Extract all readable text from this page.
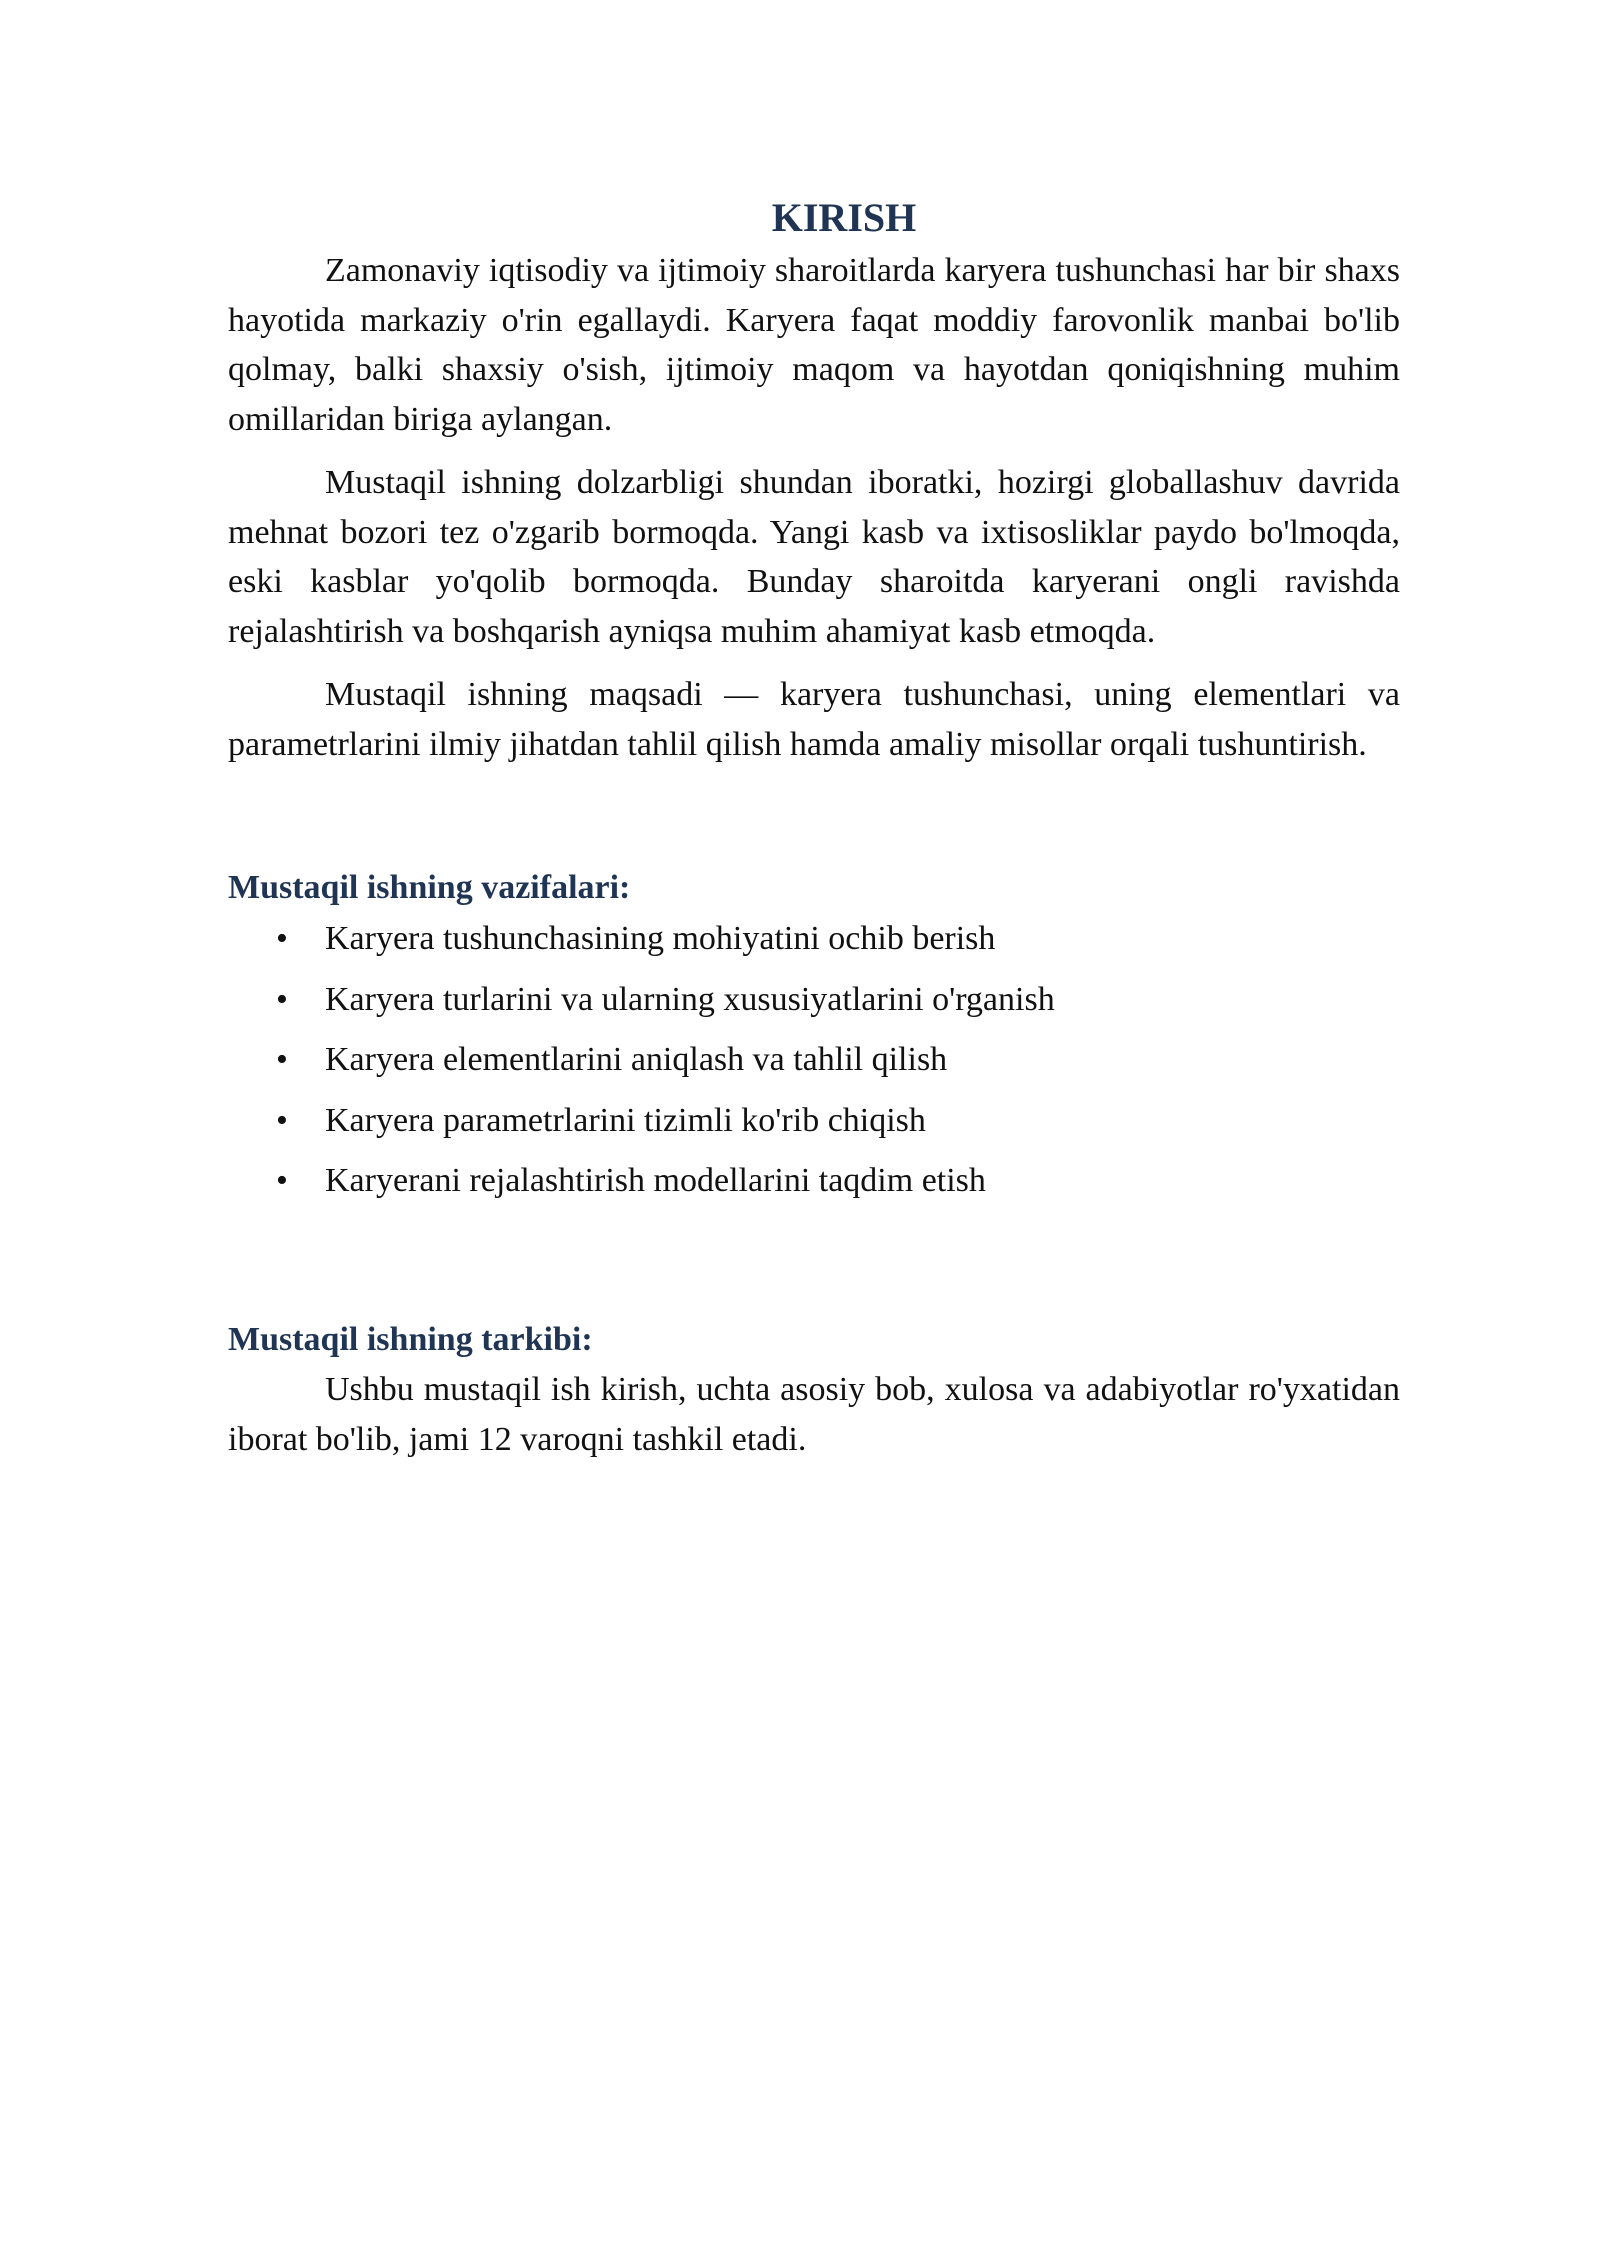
KIRISH

Zamonaviy iqtisodiy va ijtimoiy sharoitlarda karyera tushunchasi har bir shaxs hayotida markaziy o'rin egallaydi. Karyera faqat moddiy farovonlik manbai bo'lib qolmay, balki shaxsiy o'sish, ijtimoiy maqom va hayotdan qoniqishning muhim omillaridan biriga aylangan.

Mustaqil ishning dolzarbligi shundan iboratki, hozirgi globallashuv davrida mehnat bozori tez o'zgarib bormoqda. Yangi kasb va ixtisosliklar paydo bo'lmoqda, eski kasblar yo'qolib bormoqda. Bunday sharoitda karyerani ongli ravishda rejalashtirish va boshqarish ayniqsa muhim ahamiyat kasb etmoqda.

Mustaqil ishning maqsadi — karyera tushunchasi, uning elementlari va parametrlarini ilmiy jihatdan tahlil qilish hamda amaliy misollar orqali tushuntirish.

Mustaqil ishning vazifalari:
• Karyera tushunchasining mohiyatini ochib berish
• Karyera turlarini va ularning xususiyatlarini o'rganish
• Karyera elementlarini aniqlash va tahlil qilish
• Karyera parametrlarini tizimli ko'rib chiqish
• Karyerani rejalashtirish modellarini taqdim etish
Mustaqil ishning tarkibi:

Ushbu mustaqil ish kirish, uchta asosiy bob, xulosa va adabiyotlar ro'yxatidan iborat bo'lib, jami 12 varoqni tashkil etadi.
